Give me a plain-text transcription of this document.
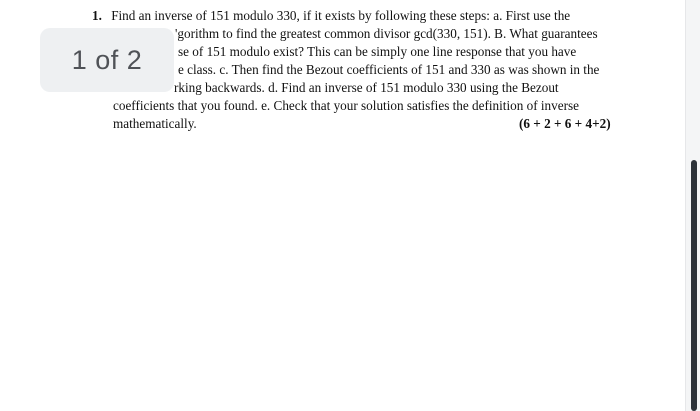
1. Find an inverse of 151 modulo 330, if it exists by following these steps: a. First use the
'gorithm to find the greatest common divisor gcd(330, 151). B. What guarantees
se of 151 modulo exist? This can be simply one line response that you have
e class. c. Then find the Bezout coefficients of 151 and 330 as was shown in the
rking backwards. d. Find an inverse of 151 modulo 330 using the Bezout
coefficients that you found. e. Check that your solution satisfies the definition of inverse
mathematically.	(6 + 2 + 6 + 4+2)
1 of 2
